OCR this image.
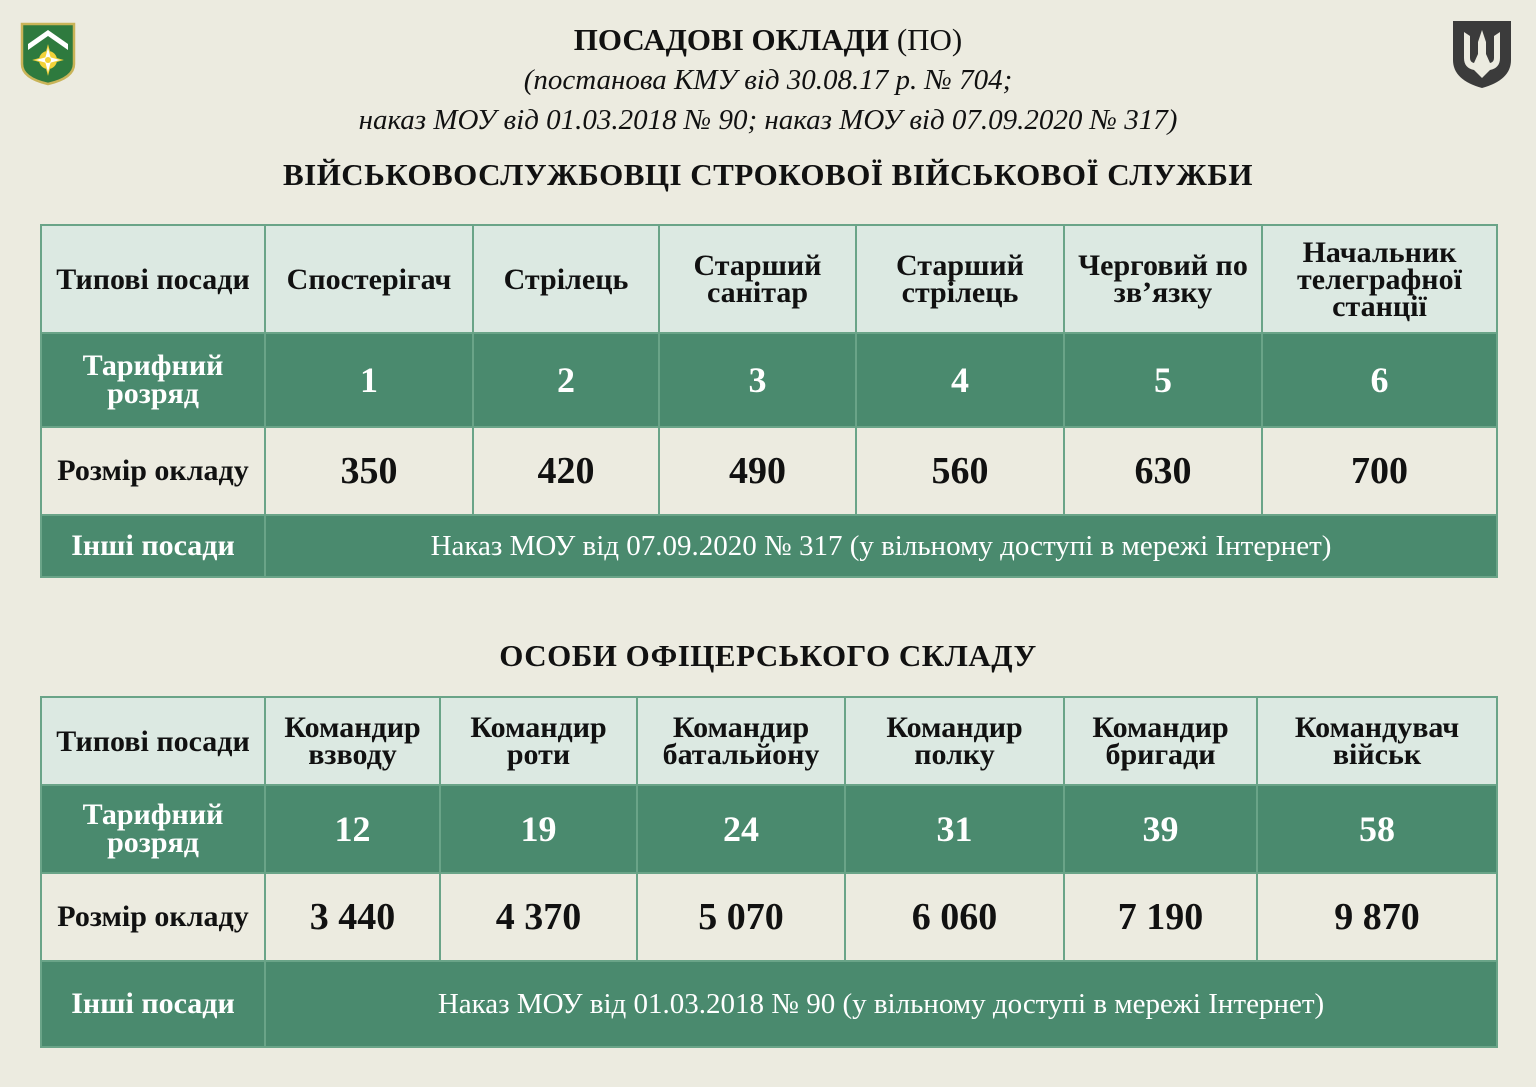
ПОСАДОВІ ОКЛАДИ (ПО)
(постанова КМУ від 30.08.17 р. № 704;
наказ МОУ від 01.03.2018 № 90; наказ МОУ від 07.09.2020 № 317)
ВІЙСЬКОВОСЛУЖБОВЦІ СТРОКОВОЇ ВІЙСЬКОВОЇ СЛУЖБИ
Типові посади	Спостерігач	Стрілець	Старший санітар	Старший стрілець	Черговий по зв’язку	Начальник телеграфної станції
Тарифний розряд	1	2	3	4	5	6
Розмір окладу	350	420	490	560	630	700
Інші посади	Наказ МОУ від 07.09.2020 № 317 (у вільному доступі в мережі Інтернет)					
ОСОБИ ОФІЦЕРСЬКОГО СКЛАДУ
Типові посади	Командир взводу	Командир роти	Командир батальйону	Командир полку	Командир бригади	Командувач військ
Тарифний розряд	12	19	24	31	39	58
Розмір окладу	3 440	4 370	5 070	6 060	7 190	9 870
Інші посади	Наказ МОУ від 01.03.2018 № 90 (у вільному доступі в мережі Інтернет)					
